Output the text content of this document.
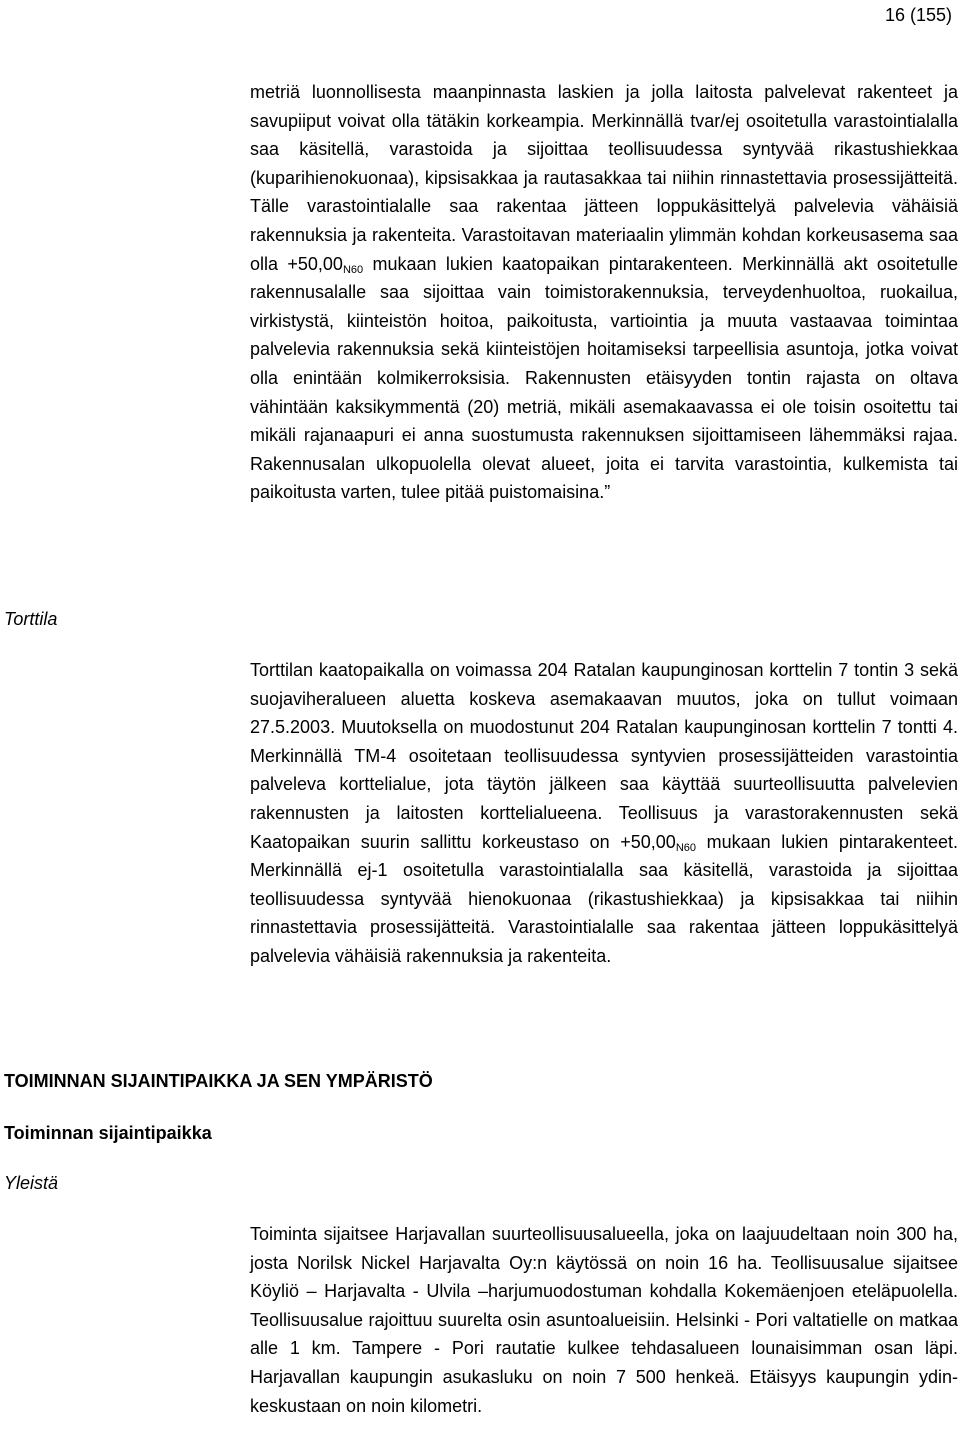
16 (155)

metriä luonnollisesta maanpinnasta laskien ja jolla laitosta palvelevat rakenteet ja savupiiput voivat olla tätäkin korkeampia. Merkinnällä tvar/ej osoitetulla varastointialalla saa käsitellä, varastoida ja sijoittaa teollisuudessa syntyvää rikastushiekkaa (kuparihienokuonaa), kipsisakkaa ja rautasakkaa tai niihin rinnastettavia prosessijätteitä. Tälle varastointialalle saa rakentaa jätteen loppukäsittelyä palvelevia vähäisiä rakennuksia ja rakenteita. Varastoitavan materiaalin ylimmän kohdan korkeusasema saa olla $+50,00_{N60}$ mukaan lukien kaatopaikan pintarakenteen. Merkinnällä akt osoitetulle rakennusalalle saa sijoittaa vain toimistorakennuksia, terveydenhuoltoa, ruokailua, virkistystä, kiinteistön hoitoa, paikoitusta, vartiointia ja muuta vastaavaa toimintaa palvelevia rakennuksia sekä kiinteistöjen hoitamiseksi tarpeellisia asuntoja, jotka voivat olla enintään kolmikerroksisia. Rakennusten etäisyyden tontin rajasta on oltava vähintään kaksikymmentä (20) metriä, mikäli asemakaavassa ei ole toisin osoitettu tai mikäli rajanaapuri ei anna suostumusta rakennuksen sijoittamiseen lähemmäksi rajaa. Rakennusalan ulkopuolella olevat alueet, joita ei tarvita varastointia, kulkemista tai paikoitusta varten, tulee pitää puistomaisina.”

Torttila

Torttilan kaatopaikalla on voimassa 204 Ratalan kaupunginosan korttelin 7 tontin 3 sekä suojaviheralueen aluetta koskeva asemakaavan muutos, joka on tullut voimaan 27.5.2003. Muutoksella on muodostunut 204 Ratalan kaupunginosan korttelin 7 tontti 4. Merkinnällä TM-4 osoitetaan teollisuudessa syntyvien prosessijätteiden varastointia palveleva korttelialue, jota täytön jälkeen saa käyttää suurteollisuutta palvelevien rakennusten ja laitosten korttelialueena. Teollisuus ja varastorakennusten sekä Kaatopaikan suurin sallittu korkeustaso on $+50,00_{N60}$ mukaan lukien pintarakenteet. Merkinnällä ej-1 osoitetulla varastointialalla saa käsitellä, varastoida ja sijoittaa teollisuudessa syntyvää hienokuonaa (rikastushiekkaa) ja kipsisakkaa tai niihin rinnastettavia prosessijätteitä. Varastointialalle saa rakentaa jätteen loppukäsittelyä palvelevia vähäisiä rakennuksia ja rakenteita.

TOIMINNAN SIJAINTIPAIKKA JA SEN YMPÄRISTÖ
Toiminnan sijaintipaikka
Yleistä

Toiminta sijaitsee Harjavallan suurteollisuusalueella, joka on laajuudeltaan noin 300 ha, josta Norilsk Nickel Harjavalta Oy:n käytössä on noin 16 ha. Teollisuusalue sijaitsee Köyliö – Harjavalta - Ulvila –harjumuodostuman kohdalla Kokemäenjoen eteläpuolella. Teollisuusalue rajoittuu suurelta osin asuntoalueisiin. Helsinki - Pori valtatielle on matkaa alle 1 km. Tampere - Pori rautatie kulkee tehdasalueen lounaisimman osan läpi. Harjavallan kaupungin asukasluku on noin 7 500 henkeä. Etäisyys kaupungin ydinkeskustaan on noin kilometri.
